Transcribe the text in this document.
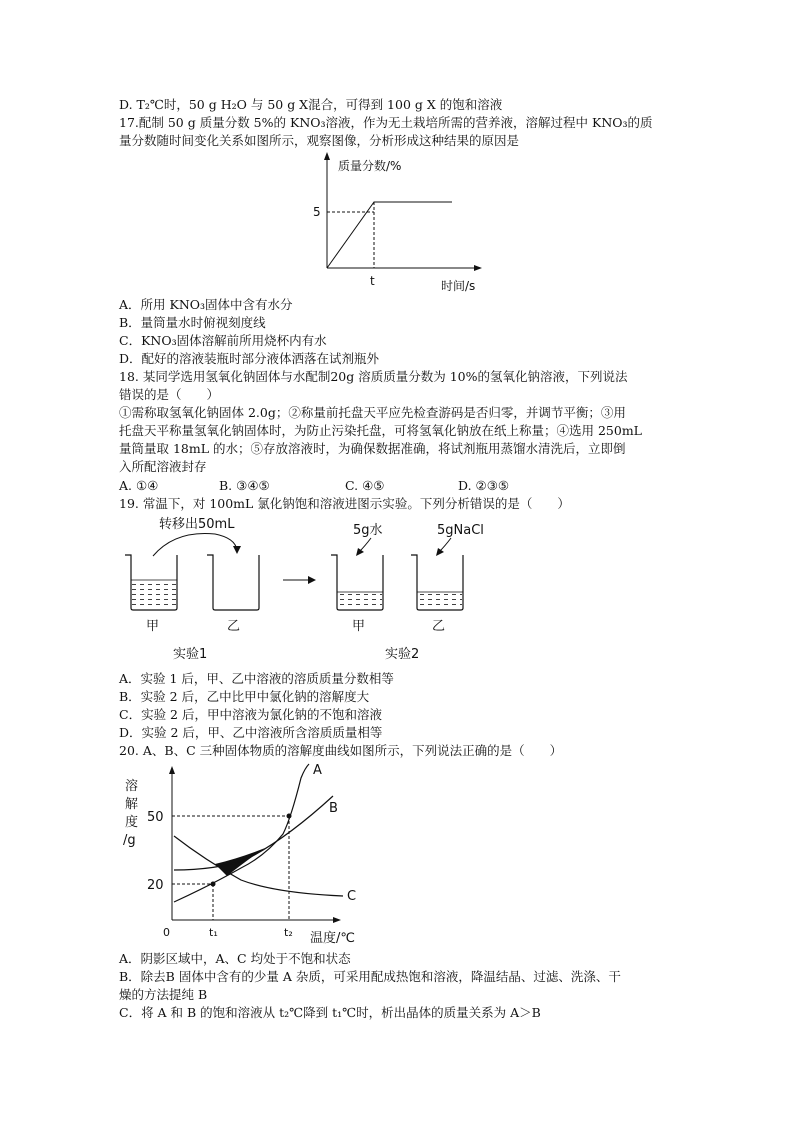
D. T₂℃时，50 g H₂O 与 50 g X混合，可得到 100 g X 的饱和溶液
17.配制 50 g 质量分数 5%的 KNO₃溶液，作为无土栽培所需的营养液，溶解过程中 KNO₃的质
量分数随时间变化关系如图所示，观察图像，分析形成这种结果的原因是
质量分数/%
5
t	时间/s
A．所用 KNO₃固体中含有水分
B．量筒量水时俯视刻度线
C．KNO₃固体溶解前所用烧杯内有水
D．配好的溶液装瓶时部分液体洒落在试剂瓶外
18. 某同学选用氢氧化钠固体与水配制20g 溶质质量分数为 10%的氢氧化钠溶液，下列说法
错误的是（　　）
①需称取氢氧化钠固体 2.0g；②称量前托盘天平应先检查游码是否归零，并调节平衡；③用
托盘天平称量氢氧化钠固体时，为防止污染托盘，可将氢氧化钠放在纸上称量；④选用 250mL
量筒量取 18mL 的水；⑤存放溶液时，为确保数据准确，将试剂瓶用蒸馏水清洗后，立即倒
入所配溶液封存
A. ①④	B. ③④⑤	C. ④⑤	D. ②③⑤
19. 常温下，对 100mL 氯化钠饱和溶液进图示实验。下列分析错误的是（　　）
转移出50mL
甲	乙
实验1
5g水	5gNaCl
甲	乙
实验2
A．实验 1 后，甲、乙中溶液的溶质质量分数相等
B．实验 2 后，乙中比甲中氯化钠的溶解度大
C．实验 2 后，甲中溶液为氯化钠的不饱和溶液
D．实验 2 后，甲、乙中溶液所含溶质质量相等
20. A、B、C 三种固体物质的溶解度曲线如图所示，下列说法正确的是（　　）
溶
解
度
/g
50
20
0
A
B
C
t₁	t₂ 温度/℃
A．阴影区域中，A、C 均处于不饱和状态
B．除去B 固体中含有的少量 A 杂质，可采用配成热饱和溶液，降温结晶、过滤、洗涤、干
燥的方法提纯 B
C．将 A 和 B 的饱和溶液从 t₂℃降到 t₁℃时，析出晶体的质量关系为 A＞B
